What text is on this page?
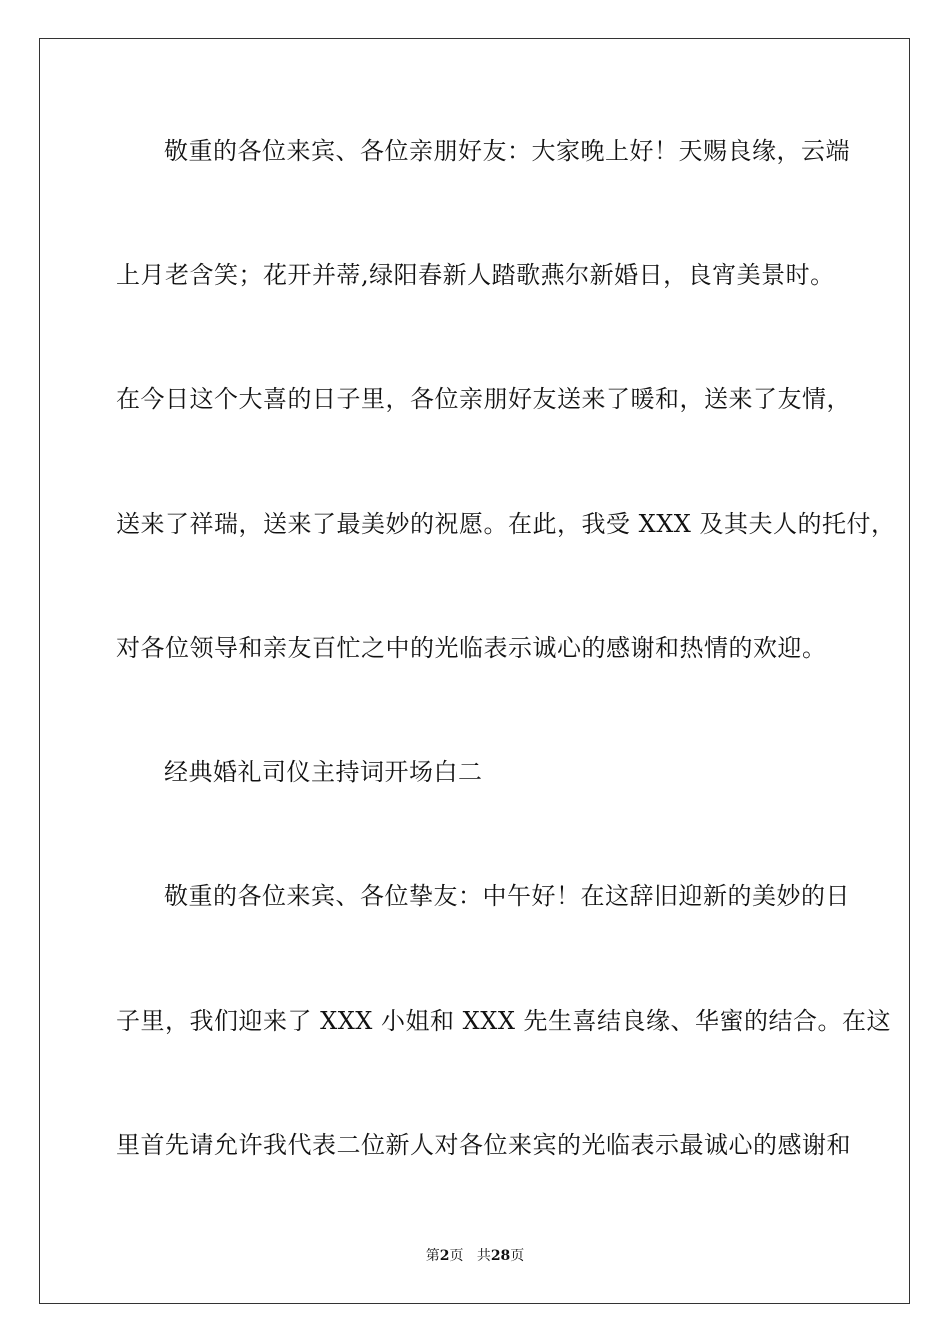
敬重的各位来宾、各位亲朋好友：大家晚上好！天赐良缘，云端
上月老含笑；花开并蒂,绿阳春新人踏歌燕尔新婚日，良宵美景时。
在今日这个大喜的日子里，各位亲朋好友送来了暖和，送来了友情，
送来了祥瑞，送来了最美妙的祝愿。在此，我受 XXX 及其夫人的托付，
对各位领导和亲友百忙之中的光临表示诚心的感谢和热情的欢迎。
经典婚礼司仪主持词开场白二
敬重的各位来宾、各位挚友：中午好！在这辞旧迎新的美妙的日
子里，我们迎来了 XXX 小姐和 XXX 先生喜结良缘、华蜜的结合。在这
里首先请允许我代表二位新人对各位来宾的光临表示最诚心的感谢和
第2页 共28页
